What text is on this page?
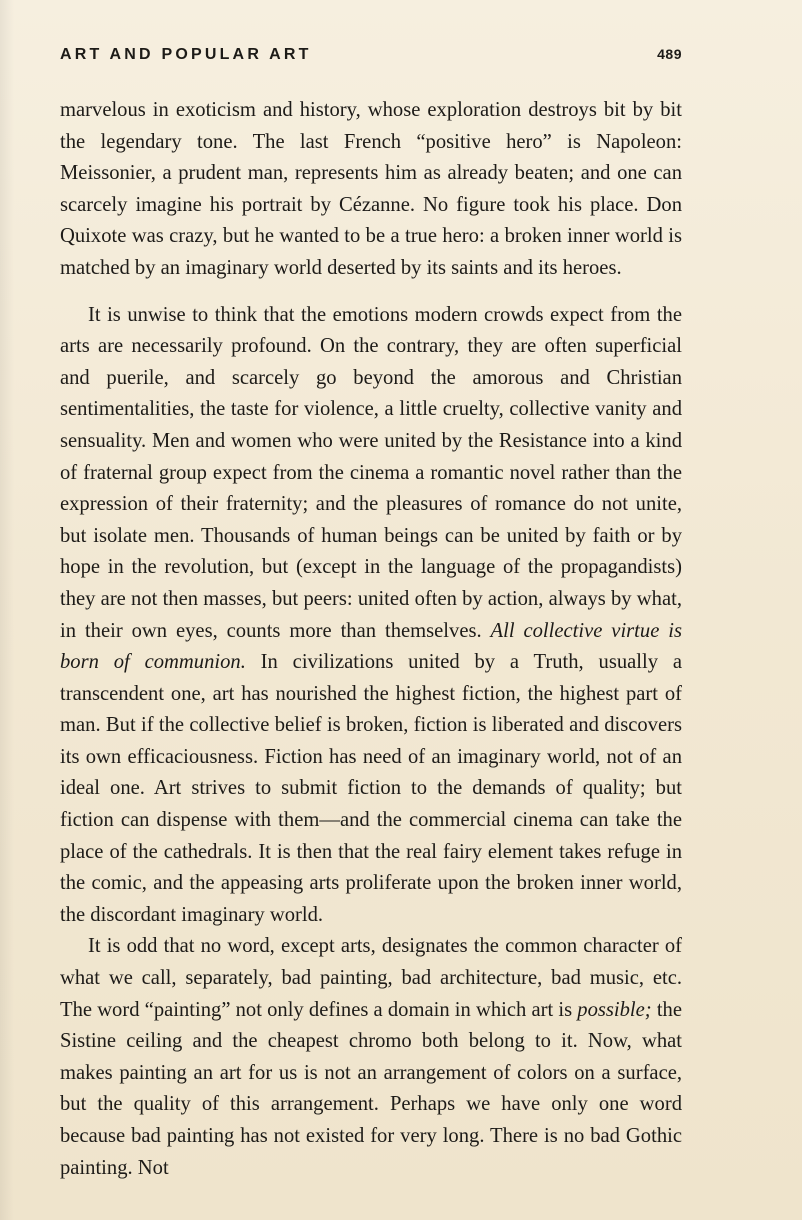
ART AND POPULAR ART	489

marvelous in exoticism and history, whose exploration destroys bit by bit the legendary tone. The last French “positive hero” is Napoleon: Meissonier, a prudent man, represents him as already beaten; and one can scarcely imagine his portrait by Cézanne. No figure took his place. Don Quixote was crazy, but he wanted to be a true hero: a broken inner world is matched by an imaginary world deserted by its saints and its heroes.

It is unwise to think that the emotions modern crowds expect from the arts are necessarily profound. On the contrary, they are often superficial and puerile, and scarcely go beyond the amorous and Christian sentimentalities, the taste for violence, a little cruelty, collective vanity and sensuality. Men and women who were united by the Resistance into a kind of fraternal group expect from the cinema a romantic novel rather than the expression of their fraternity; and the pleasures of romance do not unite, but isolate men. Thousands of human beings can be united by faith or by hope in the revolution, but (except in the language of the propagandists) they are not then masses, but peers: united often by action, always by what, in their own eyes, counts more than themselves. All collective virtue is born of communion. In civilizations united by a Truth, usually a transcendent one, art has nourished the highest fiction, the highest part of man. But if the collective belief is broken, fiction is liberated and discovers its own efficaciousness. Fiction has need of an imaginary world, not of an ideal one. Art strives to submit fiction to the demands of quality; but fiction can dispense with them—and the commercial cinema can take the place of the cathedrals. It is then that the real fairy element takes refuge in the comic, and the appeasing arts proliferate upon the broken inner world, the discordant imaginary world.

It is odd that no word, except arts, designates the common character of what we call, separately, bad painting, bad architecture, bad music, etc. The word “painting” not only defines a domain in which art is possible; the Sistine ceiling and the cheapest chromo both belong to it. Now, what makes painting an art for us is not an arrangement of colors on a surface, but the quality of this arrangement. Perhaps we have only one word because bad painting has not existed for very long. There is no bad Gothic painting. Not
